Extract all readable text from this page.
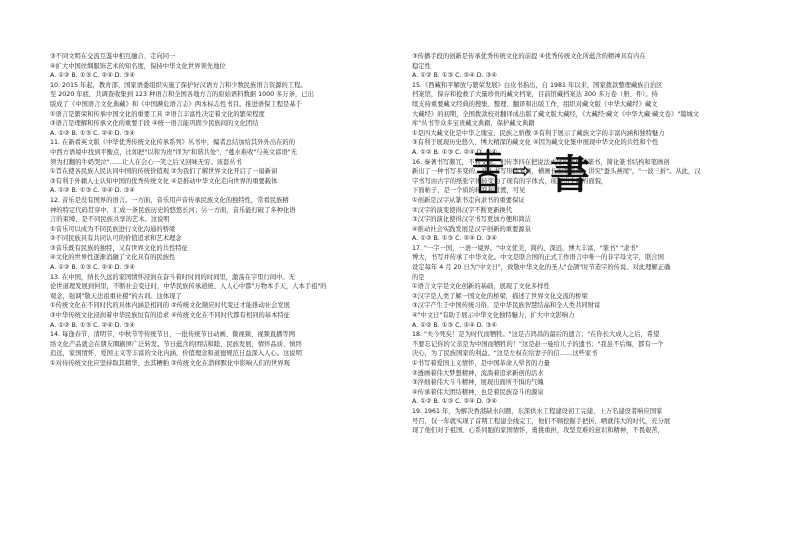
③不同文明在交流互鉴中相互融合、走向同一
④扩大中国丝绸服饰艺术的知名度，保持中华文化世界领先地位
A. ①② B. ①③ C. ②④ D. ③④
10. 2015 年起，教育部、国家语委组织实施了保护好汉语方言和少数民族语言资源的工程。
至 2020 年底，共调查收集到 123 种语言和全国各地方言的原始语料数据 1000 多万条，已出
版成了《中国语言文化典藏》和《中国濒危语言志》两本标志性书目。推进语保工程是基于
①语言是繁荣和传承中国文化的重要工具 ②语言丰富性决定着文化的繁荣程度
③语言是理解和传承文化的重要手段 ④统一语言能巩固少民族间的文化团结
A. ①② B. ①③ C. ②④ D. ③④
11. 在新看英文版《中华优秀传统文化传承系列》丛书中，编者总结加给其外外出在的的
中西方语境中找到平衡点，比如把"以和为贵"译为"和谐共处"、"蔓水难收"与英文谚语"无
须为打翻的牛奶哭泣"……让人在会心一笑之后又回味无穷。该套丛书
①旨在使各民族人民认同中国的传统价值观 ②为我们了解世界文化开启了一扇新窗
③有利于外籍人士认知中国的优秀传统文化 ④是推动中华文化走向世界的重要载体
A. ①② B. ①③ C. ②④ D. ③④
12. 音乐是没有国界的语言。一方面，音乐用声音传承民族文化的独特性，常看民族精
神的特定代码贯穿中，汇成一条民族历史的悠悠长河；另一方面，音乐能打破了多种化语
言的束缚，是不同民族共享的艺术。这说明
①音乐可以成为不同民族进行文化沟通的桥梁
②不同民族具有共同认可的价值追求和艺术理念
③音乐既有民族的独特，又有世界文化的共性特征
④文化的世界性逐渐消融了文化具有的民族性
A. ①② B. ①③ C. ②④ D. ③④
13. 在中国，纳长久远的家国情怀浸润在奋斗着时时间的时间里，激荡在字里行间中。无
论世道理发展到何里，不断社会变迁时，中华民族传承道统、人人心中都"万物本手天，人本手祖"的
观念，强调"敬天法祖重社稷"的古训。这体现了
①传统文化在不同时代的具体内涵是相同的 ②传统文化顺应时代变迁才能推动社会发展
③中华传统文化浸润着中华民族恒有的追求 ④传统文化在不同时代都有相同的基本特征
A. ①② B. ①③ C. ②④ D. ③④
14. 每逢春节、清明节、中秋节等传统节日，一批传统节日动画、微视频、视频直播等网
络文化产品就会在朋友圈刷屏广泛转发。节日蕴含的团结和睦、民族发展，情怀品质、慎终
追远，家国情怀、爱国主义等丰富的文化内涵，价值理念和道德规范日益深入人心。这说明
①对待传统文化应坚持取其精华、去其糟粕 ②传统文化在潜移默化中影响人们的世界观
③传播手段的创新是传承优秀传统文化的前提 ④优秀传统文化所蕴含的精神具有内在
稳定性
A. ①② B. ①③ C. ②④ D. ③④
15.《西藏和平解放与繁荣发展》白皮书指出，自 1981 年以来，国家拨款整理藏族自治区
档案馆，保存和抢救了大量珍贵的藏文档案，目前馆藏档案达 300 多万卷（册、件）。持
续支持重要藏文经典的搜集、整理、翻译和出版工作，组织对藏文版《中华大藏经》藏文
大藏经》的初期，全国拨款校对翻译成出版了藏文版大藏经，《大藏经·藏文《中华大藏·藏文卷》"篇城文
库"丛书等众多宝贵藏文典籍，保护藏文典籍
①是四大藏文化是中华之瑰宝、民族之骄傲 ②有利于展示了藏族文字的丰富内涵和独特魅力
③有利于展现历史悠久、博大精深的藏文化 ④因为藏文化集中展现中华文化的共性和个性
A. ①② B. ①③ C. ②④ D. ③④
16. 秦著书写颇冗，不利交流。相传李四在把说法式这的所成的篆书，简化篆书结构和笔画创
新出了一种书写多变的，减小书写形体笔画，横画长而宽直截，讲究"蚕头燕尾"，"一波三折"。从此，汉
字书写由古字的纸张字体转变为了现有的字体式，现现出全新的面貌，
下面帖子，是一个质的转变和过渡，可见
①创新是汉字从篆书走向隶书的重要保证
②汉字的演变使得汉字不断更新换代
③汉字的演化使得汉字书写更加方便和简洁
④推动社会实践发展是汉字创新的重要源泉
A. ①② B. ①③ C. ②④ D. ③④
17. "一字一国，一语一境界。"中文优美、简约、深远，博大丰富，"篆书" "隶书"
博大，书写并传承了中华文化。中文是联合国的正式工作语言中唯一的非字母文字，联合国
设定每年 4 月 20 日为"中文日"，致敬中华文化的圣人"仓颉"时节造字的传说。对此理解正确
的是
①语言文字是文化创新的基础，展现了文化多样性
②汉字是人类了解一国文化的桥梁，描述了世界文化交流的桥梁
③汉字产生于中国传统习俗，是中华民族智慧结晶和全人类共同财富
④"中文日"有助于展示中华文化独特魅力，扩大中文影响力
A. ①② B. ①③ C. ②④ D. ③④
18. "夫今死矣！是为时代而牺牲。"这是吉鸿昌的最后的遗言；"在你长大成人之后，希望
不要忘记你的父亲是为中国而牺牲的！"这是赵一曼给儿子的遗书；"我虽不后悔，都有一个
决心，为了民族国家的利益。"这是左权在给妻子的信……这些家书
①书写着爱国主义情怀，是中国革命人晕省的力量
②透画着伟大梦想精神，流淌着追求新创的活水
③淬细着伟大斗斗精神，展现出面所不惧的气魄
④传承着伟大团结精神，也是着民族奋斗的源泉
A. ①② B. ①③ C. ②④ D. ③④
19. 1961 年，为解决香港缺水问题，东深供水工程建设初工完建，上万名建设者响应国家
号召，仅一年就实现了首期工程建全线完工，他们不顾挖掘手把折，晒就伟大的时代，充分展
现了他们对于祖国、心系同胞的家国情怀，勇挑重担，攻坚克难的意识和精神，不畏艰苦，
⇨ 書
